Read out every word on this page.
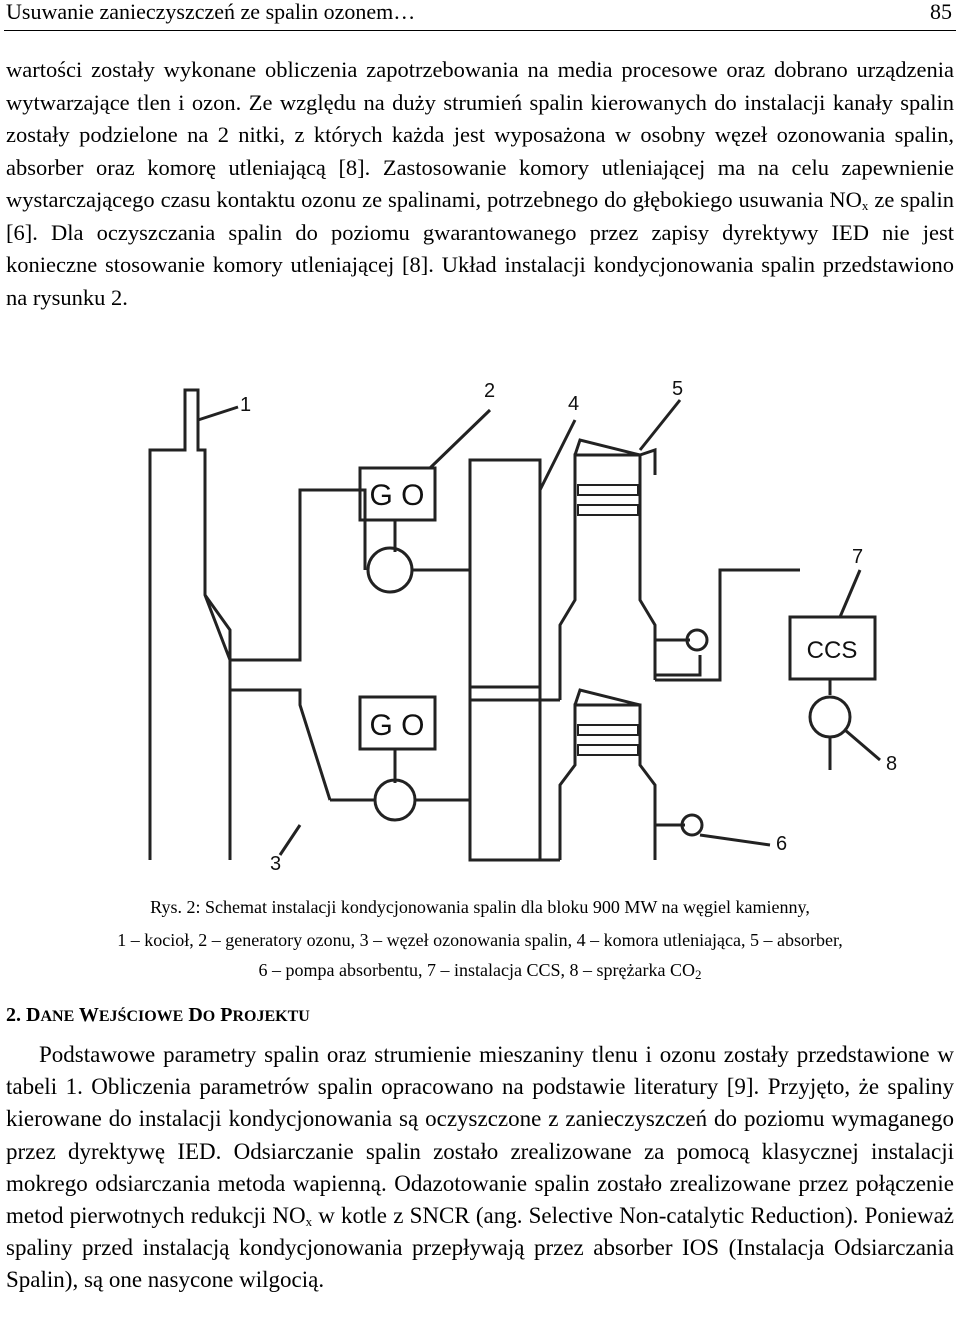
Usuwanie zanieczyszczeń ze spalin ozonem…	85
wartości zostały wykonane obliczenia zapotrzebowania na media procesowe oraz dobrano urządzenia wytwarzające tlen i ozon. Ze względu na duży strumień spalin kierowanych do instalacji kanały spalin zostały podzielone na 2 nitki, z których każda jest wyposażona w osobny węzeł ozonowania spalin, absorber oraz komorę utleniającą [8]. Zastosowanie komory utleniającej ma na celu zapewnienie wystarczającego czasu kontaktu ozonu ze spalinami, potrzebnego do głębokiego usuwania $NO_x$ ze spalin [6]. Dla oczyszczania spalin do poziomu gwarantowanego przez zapisy dyrektywy IED nie jest konieczne stosowanie komory utleniającej [8]. Układ instalacji kondycjonowania spalin przedstawiono na rysunku 2.
1
2
3
4
5
6
7
8
G O
G O
CCS
Rys. 2: Schemat instalacji kondycjonowania spalin dla bloku 900 MW na węgiel kamienny,
1 – kocioł, 2 – generatory ozonu, 3 – węzeł ozonowania spalin, 4 – komora utleniająca, 5 – absorber,
6 – pompa absorbentu, 7 – instalacja CCS, 8 – sprężarka $CO_2$
2. DANE WEJŚCIOWE DO PROJEKTU
Podstawowe parametry spalin oraz strumienie mieszaniny tlenu i ozonu zostały przedstawione w tabeli 1. Obliczenia parametrów spalin opracowano na podstawie literatury [9]. Przyjęto, że spaliny kierowane do instalacji kondycjonowania są oczyszczone z zanieczyszczeń do poziomu wymaganego przez dyrektywę IED. Odsiarczanie spalin zostało zrealizowane za pomocą klasycznej instalacji mokrego odsiarczania metoda wapienną. Odazotowanie spalin zostało zrealizowane przez połączenie metod pierwotnych redukcji $NO_x$ w kotle z SNCR (ang. Selective Non-catalytic Reduction). Ponieważ spaliny przed instalacją kondycjonowania przepływają przez absorber IOS (Instalacja Odsiarczania Spalin), są one nasycone wilgocią.
